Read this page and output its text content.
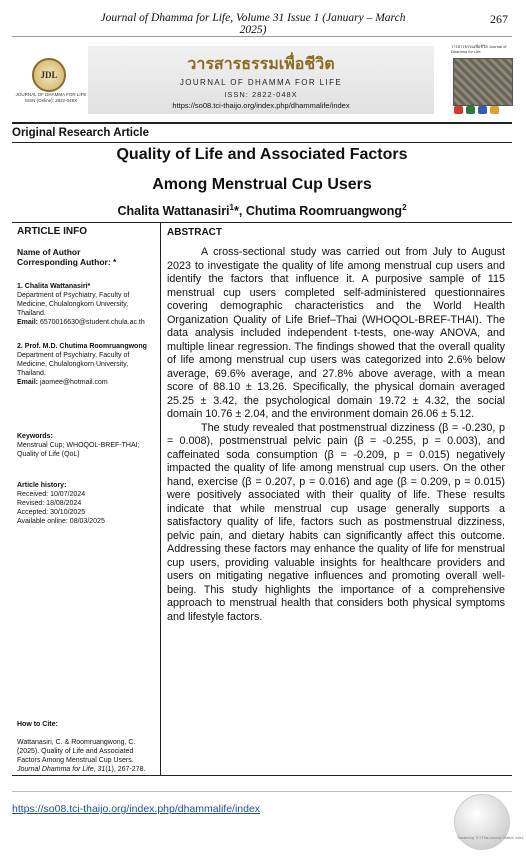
Journal of Dhamma for Life, Volume 31 Issue 1 (January – March 2025)
267
JDL
JOURNAL OF DHAMMA FOR LIFE ISSN (Online): 2822-048X
วารสารธรรมเพื่อชีวิต
JOURNAL OF DHAMMA FOR LIFE
ISSN: 2822-048X
https://so08.tci-thaijo.org/index.php/dhammalife/index
วารสารธรรมเพื่อชีวิต Journal of Dhamma for Life
Original Research Article
Quality of Life and Associated Factors
Among Menstrual Cup Users
Chalita Wattanasiri$^1$*, Chutima Roomruangwong$^2$
ARTICLE INFO
Name of Author
Corresponding Author: *
1. Chalita Wattanasiri*
Department of Psychiatry, Faculty of Medicine, Chulalongkorn University, Thailand.
Email: 6570016630@student.chula.ac.th
2. Prof. M.D. Chutima Roomruangwong
Department of Psychiatry, Faculty of Medicine, Chulalongkorn University, Thailand.
Email: jaomee@hotmail.com
Keywords:
Menstrual Cup; WHOQOL-BREF-THAI; Quality of Life (QoL)
Article history:
Received: 10/07/2024
Revised: 18/08/2024
Accepted: 30/10/2025
Available online: 08/03/2025
How to Cite:
Wattanasiri, C. & Roomruangwong, C. (2025). Quality of Life and Associated Factors Among Menstrual Cup Users. Journal Dhamma for Life, 31(1), 267-278.
ABSTRACT

A cross-sectional study was carried out from July to August 2023 to investigate the quality of life among menstrual cup users and identify the factors that influence it. A purposive sample of 115 menstrual cup users completed self-administered questionnaires covering demographic characteristics and the World Health Organization Quality of Life Brief–Thai (WHOQOL-BREF-THAI). The data analysis included independent t-tests, one-way ANOVA, and multiple linear regression. The findings showed that the overall quality of life among menstrual cup users was categorized into 2.6% below average, 69.6% average, and 27.8% above average, with a mean score of 88.10 ± 13.26. Specifically, the physical domain averaged 25.25 ± 3.42, the psychological domain 19.72 ± 4.32, the social domain 10.76 ± 2.04, and the environment domain 26.06 ± 5.12.

The study revealed that postmenstrual dizziness (β = -0.230, p = 0.008), postmenstrual pelvic pain (β = -0.255, p = 0.003), and caffeinated soda consumption (β = -0.209, p = 0.015) negatively impacted the quality of life among menstrual cup users. On the other hand, exercise (β = 0.207, p = 0.016) and age (β = 0.209, p = 0.015) were positively associated with their quality of life. These results indicate that while menstrual cup usage generally supports a satisfactory quality of life, factors such as postmenstrual dizziness, pelvic pain, and dietary habits can significantly affect this outcome. Addressing these factors may enhance the quality of life for menstrual cup users, providing valuable insights for healthcare providers and users on mitigating negative influences and promoting overall well-being. This study highlights the importance of a comprehensive approach to menstrual health that considers both physical symptoms and lifestyle factors.

https://so08.tci-thaijo.org/index.php/dhammalife/index
Tracked by TCI Thai-Journal Citation Index
